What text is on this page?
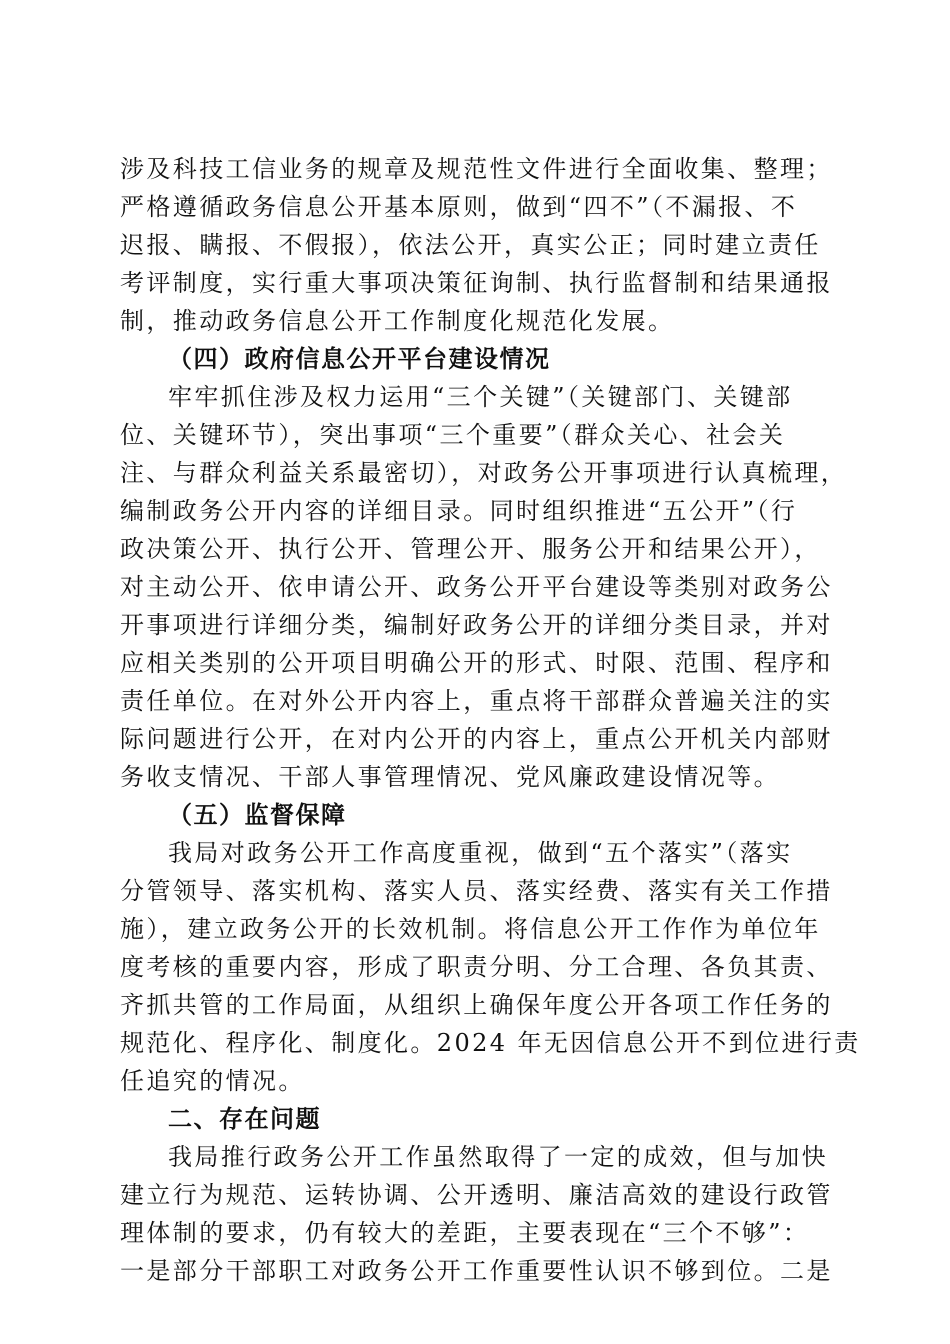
涉及科技工信业务的规章及规范性文件进行全面收集、整理；
严格遵循政务信息公开基本原则，做到“四不”（不漏报、不
迟报、瞒报、不假报），依法公开，真实公正；同时建立责任
考评制度，实行重大事项决策征询制、执行监督制和结果通报
制，推动政务信息公开工作制度化规范化发展。
（四）政府信息公开平台建设情况
牢牢抓住涉及权力运用“三个关键”（关键部门、关键部
位、关键环节），突出事项“三个重要”（群众关心、社会关
注、与群众利益关系最密切），对政务公开事项进行认真梳理，
编制政务公开内容的详细目录。同时组织推进“五公开”（行
政决策公开、执行公开、管理公开、服务公开和结果公开），
对主动公开、依申请公开、政务公开平台建设等类别对政务公
开事项进行详细分类，编制好政务公开的详细分类目录，并对
应相关类别的公开项目明确公开的形式、时限、范围、程序和
责任单位。在对外公开内容上，重点将干部群众普遍关注的实
际问题进行公开，在对内公开的内容上，重点公开机关内部财
务收支情况、干部人事管理情况、党风廉政建设情况等。
（五）监督保障
我局对政务公开工作高度重视，做到“五个落实”（落实
分管领导、落实机构、落实人员、落实经费、落实有关工作措
施），建立政务公开的长效机制。将信息公开工作作为单位年
度考核的重要内容，形成了职责分明、分工合理、各负其责、
齐抓共管的工作局面，从组织上确保年度公开各项工作任务的
规范化、程序化、制度化。2024 年无因信息公开不到位进行责
任追究的情况。
二、存在问题
我局推行政务公开工作虽然取得了一定的成效，但与加快
建立行为规范、运转协调、公开透明、廉洁高效的建设行政管
理体制的要求，仍有较大的差距，主要表现在“三个不够”：
一是部分干部职工对政务公开工作重要性认识不够到位。二是
